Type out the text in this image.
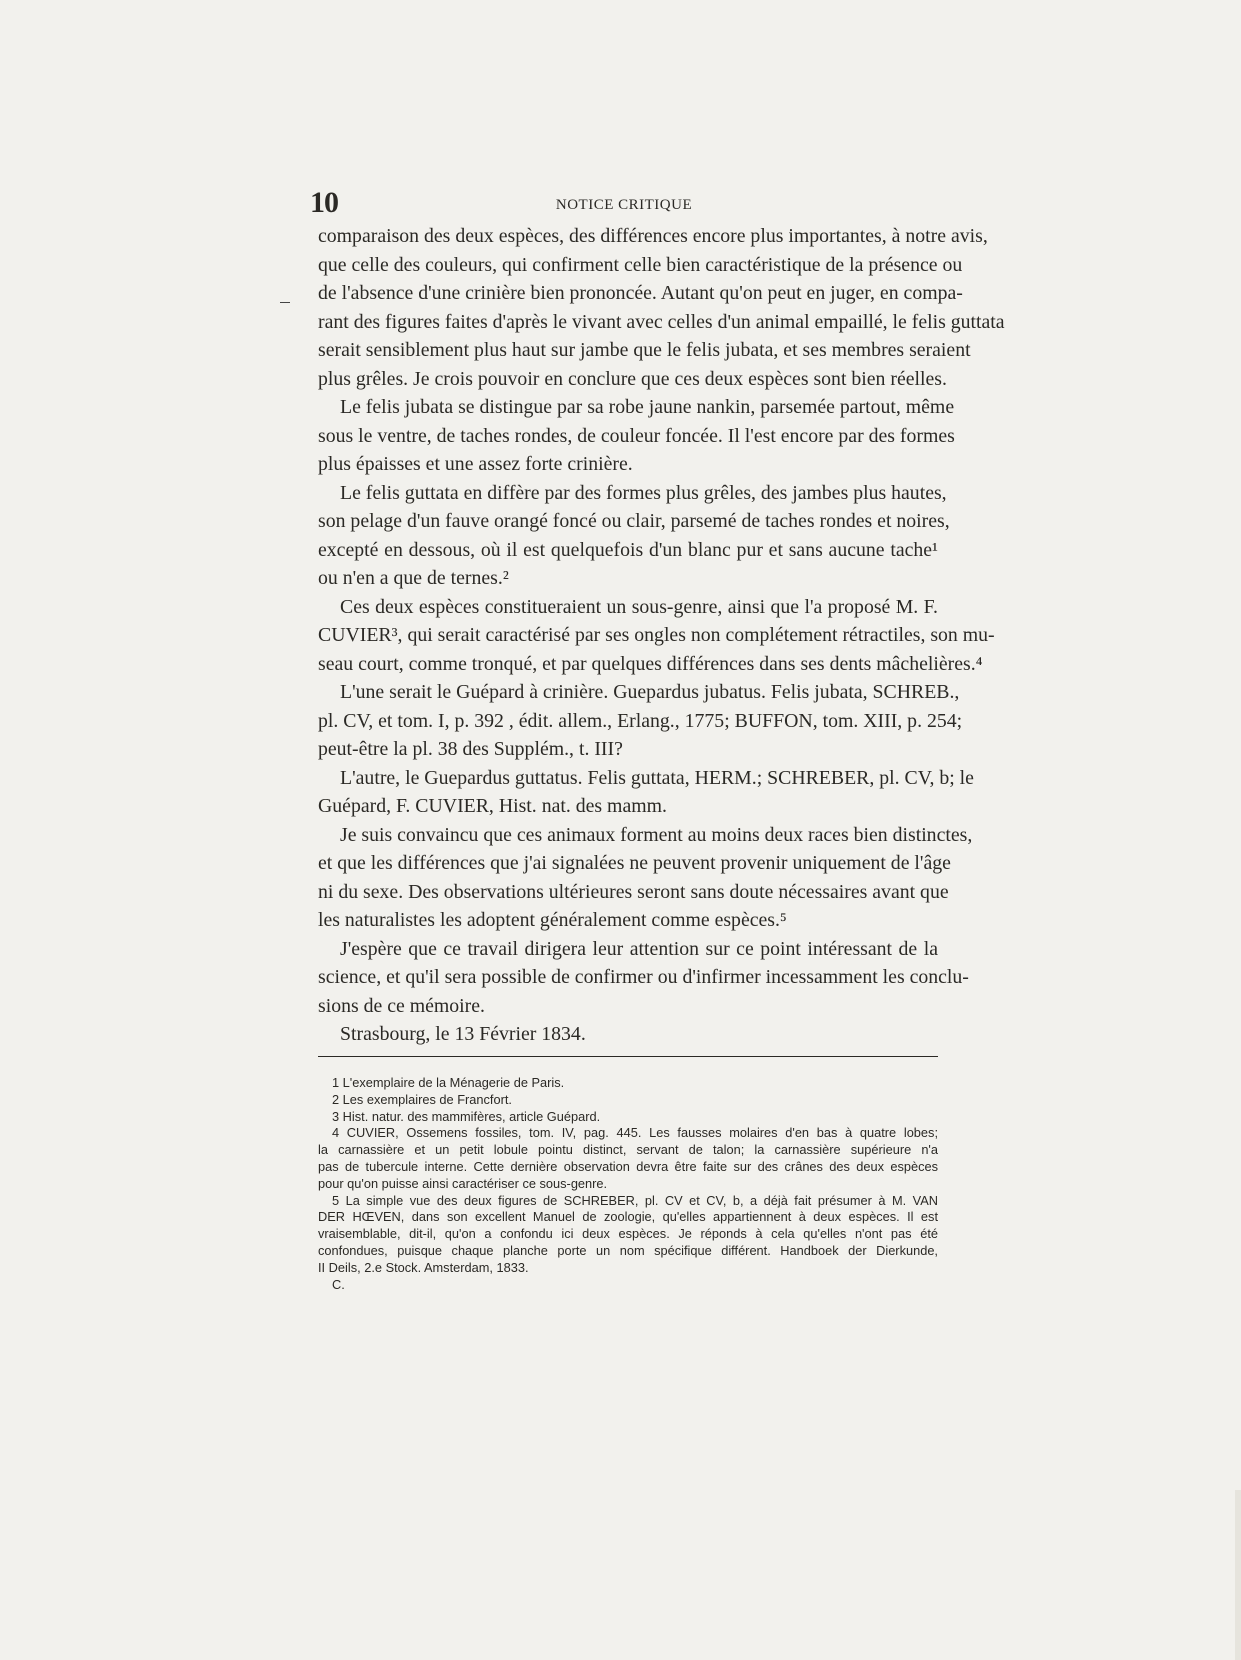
10	NOTICE CRITIQUE
comparaison des deux espèces, des différences encore plus importantes, à notre avis,
que celle des couleurs, qui confirment celle bien caractéristique de la présence ou
de l'absence d'une crinière bien prononcée. Autant qu'on peut en juger, en compa-
rant des figures faites d'après le vivant avec celles d'un animal empaillé, le felis guttata
serait sensiblement plus haut sur jambe que le felis jubata, et ses membres seraient
plus grêles. Je crois pouvoir en conclure que ces deux espèces sont bien réelles.
Le felis jubata se distingue par sa robe jaune nankin, parsemée partout, même
sous le ventre, de taches rondes, de couleur foncée. Il l'est encore par des formes
plus épaisses et une assez forte crinière.
Le felis guttata en diffère par des formes plus grêles, des jambes plus hautes,
son pelage d'un fauve orangé foncé ou clair, parsemé de taches rondes et noires,
excepté en dessous, où il est quelquefois d'un blanc pur et sans aucune tache¹
ou n'en a que de ternes.²
Ces deux espèces constitueraient un sous-genre, ainsi que l'a proposé M. F.
CUVIER³, qui serait caractérisé par ses ongles non complétement rétractiles, son mu-
seau court, comme tronqué, et par quelques différences dans ses dents mâchelières.⁴
L'une serait le Guépard à crinière. Guepardus jubatus. Felis jubata, SCHREB.,
pl. CV, et tom. I, p. 392 , édit. allem., Erlang., 1775; BUFFON, tom. XIII, p. 254;
peut-être la pl. 38 des Supplém., t. III?
L'autre, le Guepardus guttatus. Felis guttata, HERM.; SCHREBER, pl. CV, b; le
Guépard, F. CUVIER, Hist. nat. des mamm.
Je suis convaincu que ces animaux forment au moins deux races bien distinctes,
et que les différences que j'ai signalées ne peuvent provenir uniquement de l'âge
ni du sexe. Des observations ultérieures seront sans doute nécessaires avant que
les naturalistes les adoptent généralement comme espèces.⁵
J'espère que ce travail dirigera leur attention sur ce point intéressant de la
science, et qu'il sera possible de confirmer ou d'infirmer incessamment les conclu-
sions de ce mémoire.
Strasbourg, le 13 Février 1834.
1 L'exemplaire de la Ménagerie de Paris.
2 Les exemplaires de Francfort.
3 Hist. natur. des mammifères, article Guépard.
4 CUVIER, Ossemens fossiles, tom. IV, pag. 445. Les fausses molaires d'en bas à quatre lobes;
la carnassière et un petit lobule pointu distinct, servant de talon; la carnassière supérieure n'a
pas de tubercule interne. Cette dernière observation devra être faite sur des crânes des deux espèces
pour qu'on puisse ainsi caractériser ce sous-genre.
5 La simple vue des deux figures de SCHREBER, pl. CV et CV, b, a déjà fait présumer à M. VAN
DER HŒVEN, dans son excellent Manuel de zoologie, qu'elles appartiennent à deux espèces. Il est
vraisemblable, dit-il, qu'on a confondu ici deux espèces. Je réponds à cela qu'elles n'ont pas été
confondues, puisque chaque planche porte un nom spécifique différent. Handboek der Dierkunde,
II Deils, 2.e Stock. Amsterdam, 1833.
C.
